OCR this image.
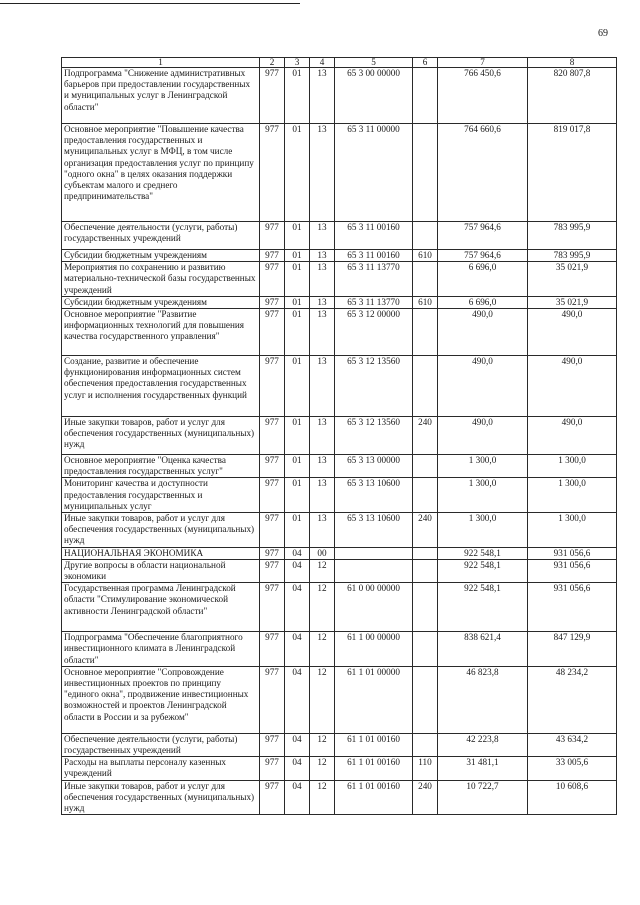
69
1	2	3	4	5	6	7	8
Подпрограмма "Снижение административных барьеров при предоставлении государственных и муниципальных услуг в Ленинградской области"	977	01	13	65 3 00 00000		766 450,6	820 807,8
Основное мероприятие "Повышение качества предоставления государственных и муниципальных услуг в МФЦ, в том числе организация предоставления услуг по принципу "одного окна" в целях оказания поддержки субъектам малого и среднего предпринимательства"	977	01	13	65 3 11 00000		764 660,6	819 017,8
Обеспечение деятельности (услуги, работы) государственных учреждений	977	01	13	65 3 11 00160		757 964,6	783 995,9
Субсидии бюджетным учреждениям	977	01	13	65 3 11 00160	610	757 964,6	783 995,9
Мероприятия по сохранению и развитию материально-технической базы государственных учреждений	977	01	13	65 3 11 13770		6 696,0	35 021,9
Субсидии бюджетным учреждениям	977	01	13	65 3 11 13770	610	6 696,0	35 021,9
Основное мероприятие "Развитие информационных технологий для повышения качества государственного управления"	977	01	13	65 3 12 00000		490,0	490,0
Создание, развитие и обеспечение функционирования информационных систем обеспечения предоставления государственных услуг и исполнения государственных функций	977	01	13	65 3 12 13560		490,0	490,0
Иные закупки товаров, работ и услуг для обеспечения государственных (муниципальных) нужд	977	01	13	65 3 12 13560	240	490,0	490,0
Основное мероприятие "Оценка качества предоставления государственных услуг"	977	01	13	65 3 13 00000		1 300,0	1 300,0
Мониторинг качества и доступности предоставления государственных и муниципальных услуг	977	01	13	65 3 13 10600		1 300,0	1 300,0
Иные закупки товаров, работ и услуг для обеспечения государственных (муниципальных) нужд	977	01	13	65 3 13 10600	240	1 300,0	1 300,0
НАЦИОНАЛЬНАЯ ЭКОНОМИКА	977	04	00			922 548,1	931 056,6
Другие вопросы в области национальной экономики	977	04	12			922 548,1	931 056,6
Государственная программа Ленинградской области "Стимулирование экономической активности Ленинградской области"	977	04	12	61 0 00 00000		922 548,1	931 056,6
Подпрограмма "Обеспечение благоприятного инвестиционного климата в Ленинградской области"	977	04	12	61 1 00 00000		838 621,4	847 129,9
Основное мероприятие "Сопровождение инвестиционных проектов по принципу "единого окна", продвижение инвестиционных возможностей и проектов Ленинградской области в России и за рубежом"	977	04	12	61 1 01 00000		46 823,8	48 234,2
Обеспечение деятельности (услуги, работы) государственных учреждений	977	04	12	61 1 01 00160		42 223,8	43 634,2
Расходы на выплаты персоналу казенных учреждений	977	04	12	61 1 01 00160	110	31 481,1	33 005,6
Иные закупки товаров, работ и услуг для обеспечения государственных (муниципальных) нужд	977	04	12	61 1 01 00160	240	10 722,7	10 608,6
